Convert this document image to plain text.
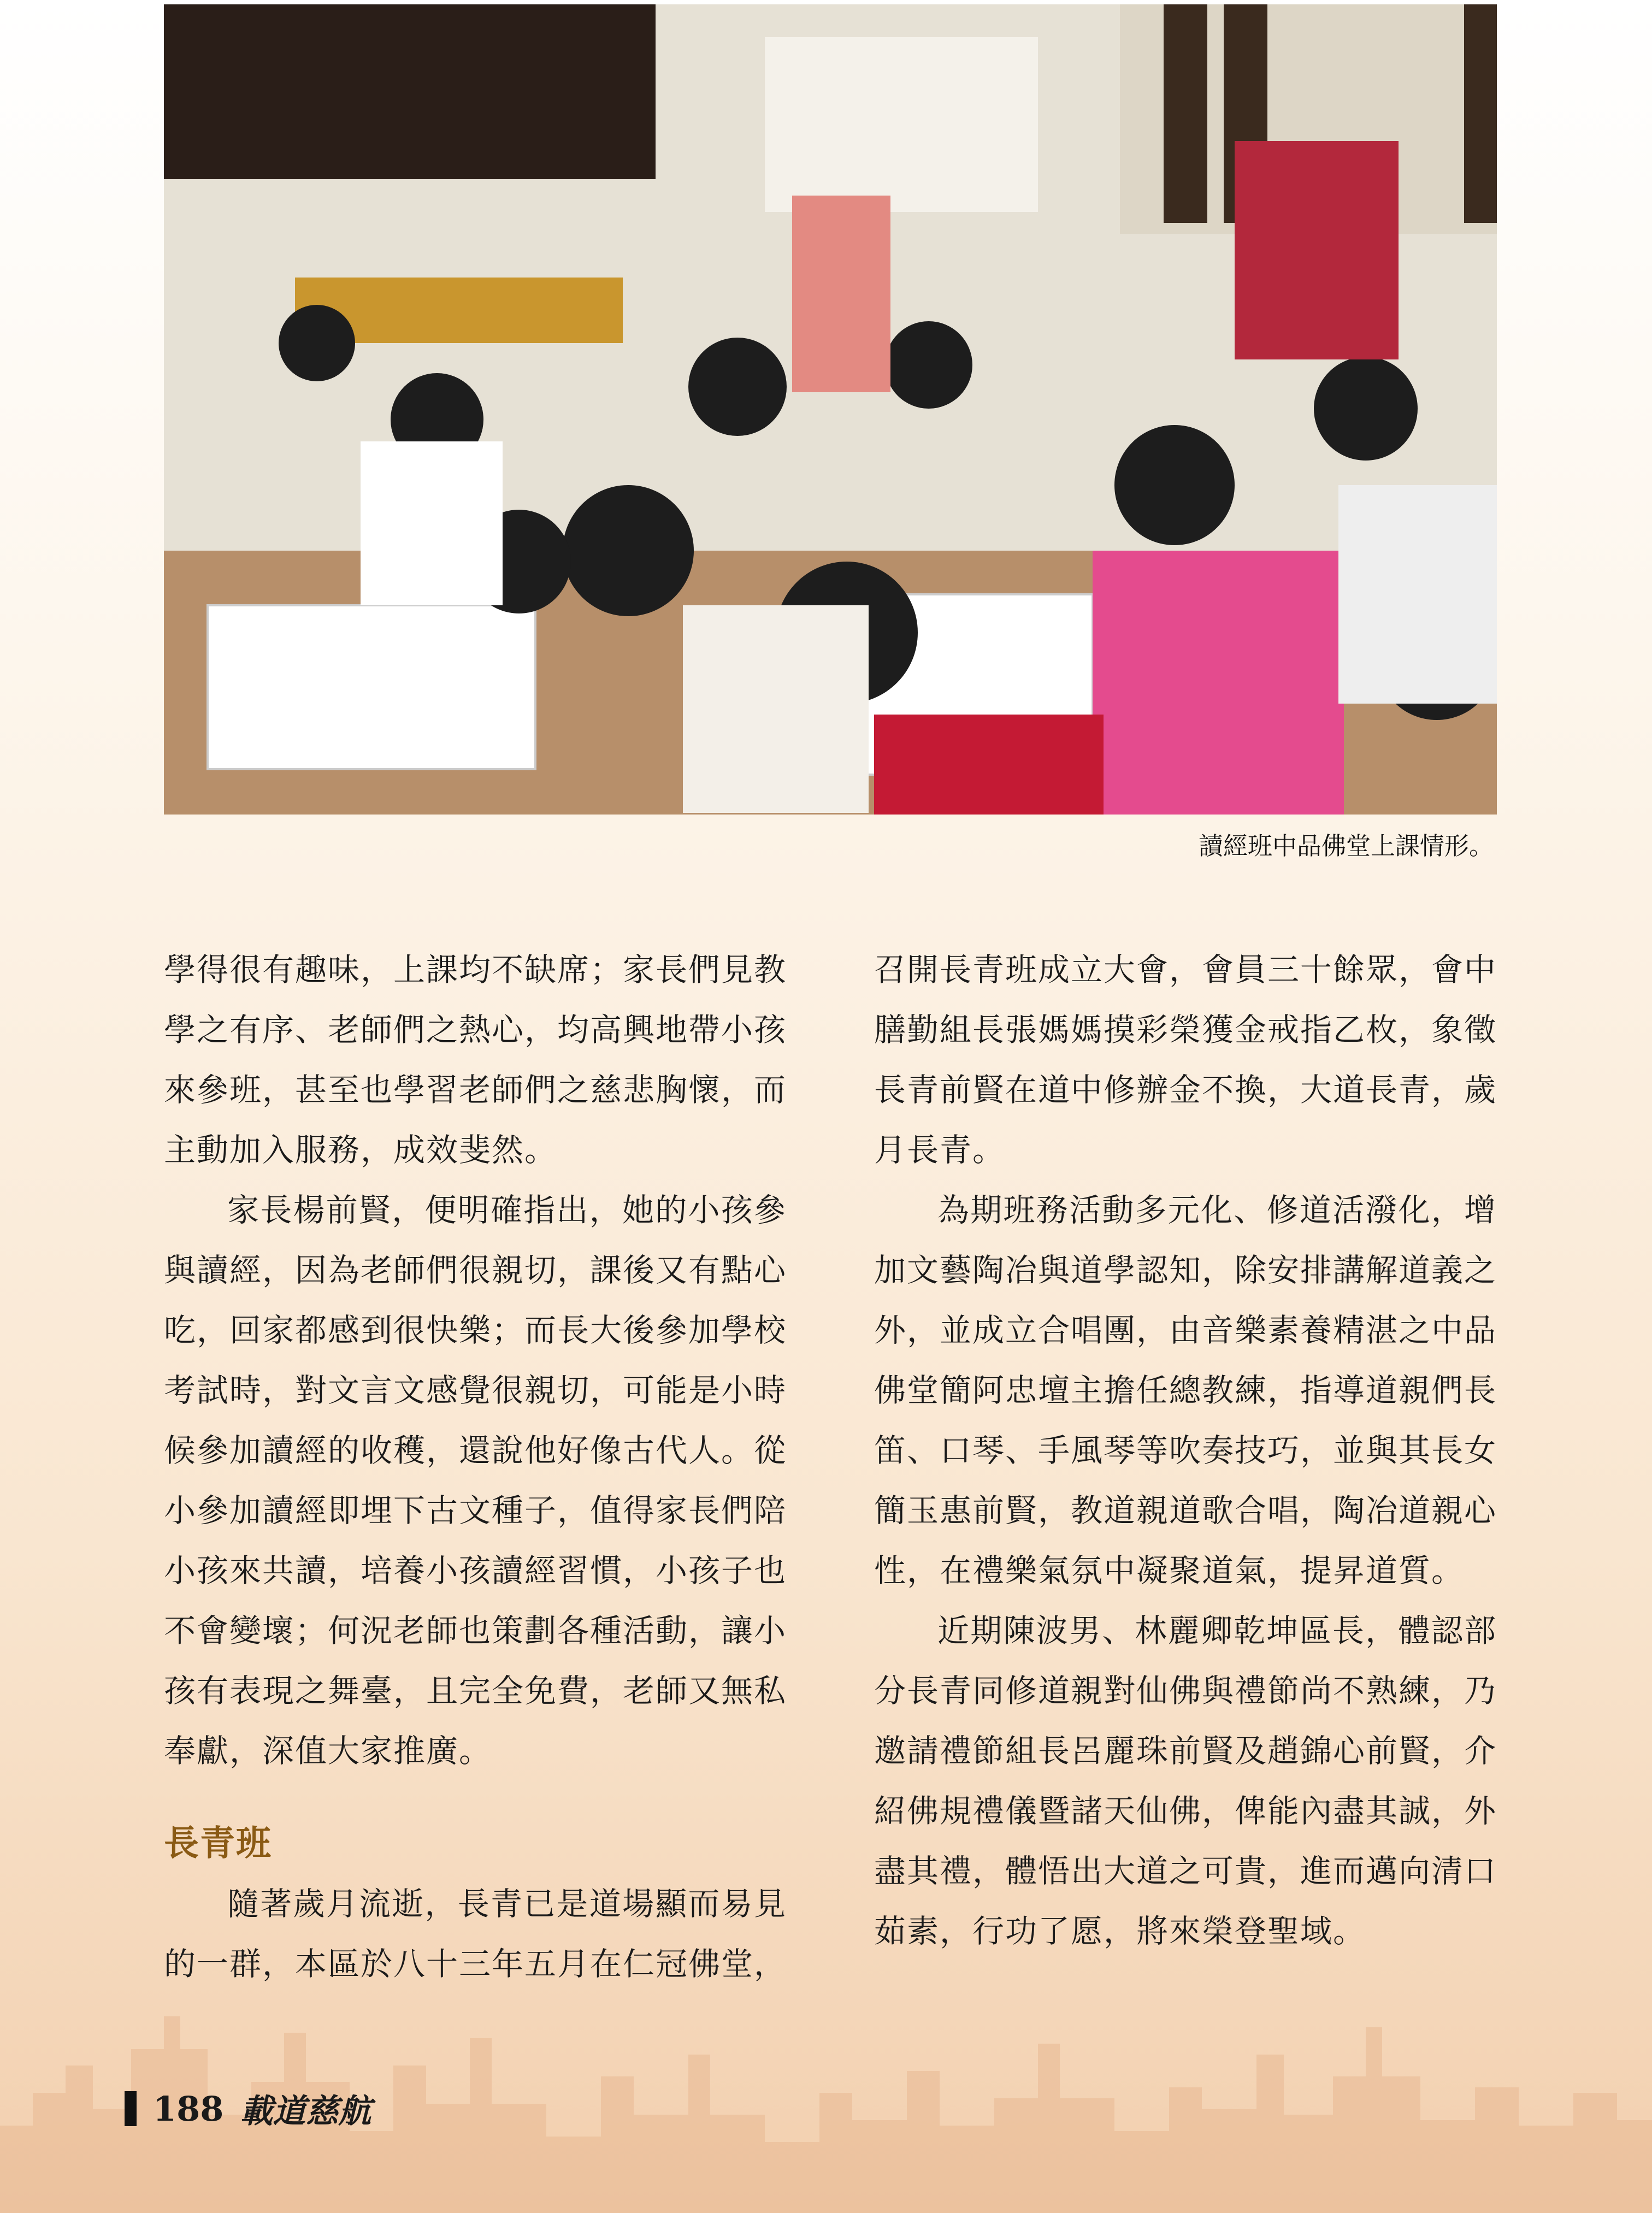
讀經班中品佛堂上課情形。

學得很有趣味，上課均不缺席；家長們見教學之有序、老師們之熱心，均高興地帶小孩來參班，甚至也學習老師們之慈悲胸懷，而主動加入服務，成效斐然。

家長楊前賢，便明確指出，她的小孩參與讀經，因為老師們很親切，課後又有點心吃，回家都感到很快樂；而長大後參加學校考試時，對文言文感覺很親切，可能是小時候參加讀經的收穫，還說他好像古代人。從小參加讀經即埋下古文種子，值得家長們陪小孩來共讀，培養小孩讀經習慣，小孩子也不會變壞；何況老師也策劃各種活動，讓小孩有表現之舞臺，且完全免費，老師又無私奉獻，深值大家推廣。

長青班

隨著歲月流逝，長青已是道場顯而易見的一群，本區於八十三年五月在仁冠佛堂，

召開長青班成立大會，會員三十餘眾，會中膳勤組長張媽媽摸彩榮獲金戒指乙枚，象徵長青前賢在道中修辦金不換，大道長青，歲月長青。

為期班務活動多元化、修道活潑化，增加文藝陶冶與道學認知，除安排講解道義之外，並成立合唱團，由音樂素養精湛之中品佛堂簡阿忠壇主擔任總教練，指導道親們長笛、口琴、手風琴等吹奏技巧，並與其長女簡玉惠前賢，教道親道歌合唱，陶冶道親心性，在禮樂氣氛中凝聚道氣，提昇道質。

近期陳波男、林麗卿乾坤區長，體認部分長青同修道親對仙佛與禮節尚不熟練，乃邀請禮節組長呂麗珠前賢及趙錦心前賢，介紹佛規禮儀暨諸天仙佛，俾能內盡其誠，外盡其禮，體悟出大道之可貴，進而邁向清口茹素，行功了愿，將來榮登聖域。

188 載道慈航
